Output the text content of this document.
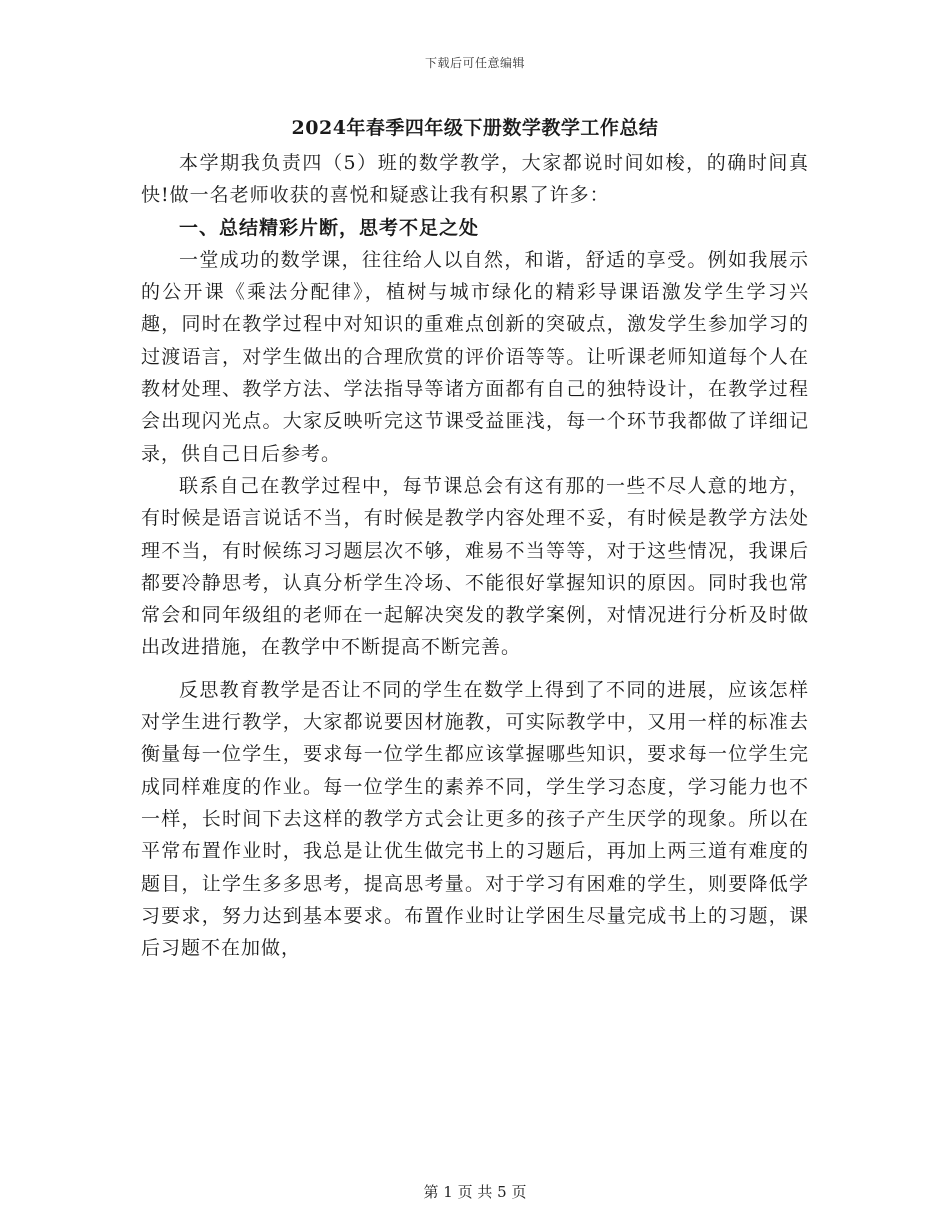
下载后可任意编辑
2024年春季四年级下册数学教学工作总结

本学期我负责四（5）班的数学教学，大家都说时间如梭，的确时间真快!做一名老师收获的喜悦和疑惑让我有积累了许多：

一、总结精彩片断，思考不足之处

一堂成功的数学课，往往给人以自然，和谐，舒适的享受。例如我展示的公开课《乘法分配律》，植树与城市绿化的精彩导课语激发学生学习兴趣，同时在教学过程中对知识的重难点创新的突破点，激发学生参加学习的过渡语言，对学生做出的合理欣赏的评价语等等。让听课老师知道每个人在教材处理、教学方法、学法指导等诸方面都有自己的独特设计，在教学过程会出现闪光点。大家反映听完这节课受益匪浅，每一个环节我都做了详细记录，供自己日后参考。

联系自己在教学过程中，每节课总会有这有那的一些不尽人意的地方，有时候是语言说话不当，有时候是教学内容处理不妥，有时候是教学方法处理不当，有时候练习习题层次不够，难易不当等等，对于这些情况，我课后都要冷静思考，认真分析学生冷场、不能很好掌握知识的原因。同时我也常常会和同年级组的老师在一起解决突发的教学案例，对情况进行分析及时做出改进措施，在教学中不断提高不断完善。

反思教育教学是否让不同的学生在数学上得到了不同的进展，应该怎样对学生进行教学，大家都说要因材施教，可实际教学中，又用一样的标准去衡量每一位学生，要求每一位学生都应该掌握哪些知识，要求每一位学生完成同样难度的作业。每一位学生的素养不同，学生学习态度，学习能力也不一样，长时间下去这样的教学方式会让更多的孩子产生厌学的现象。所以在平常布置作业时，我总是让优生做完书上的习题后，再加上两三道有难度的题目，让学生多多思考，提高思考量。对于学习有困难的学生，则要降低学习要求，努力达到基本要求。布置作业时让学困生尽量完成书上的习题，课后习题不在加做，

第 1 页 共 5 页
